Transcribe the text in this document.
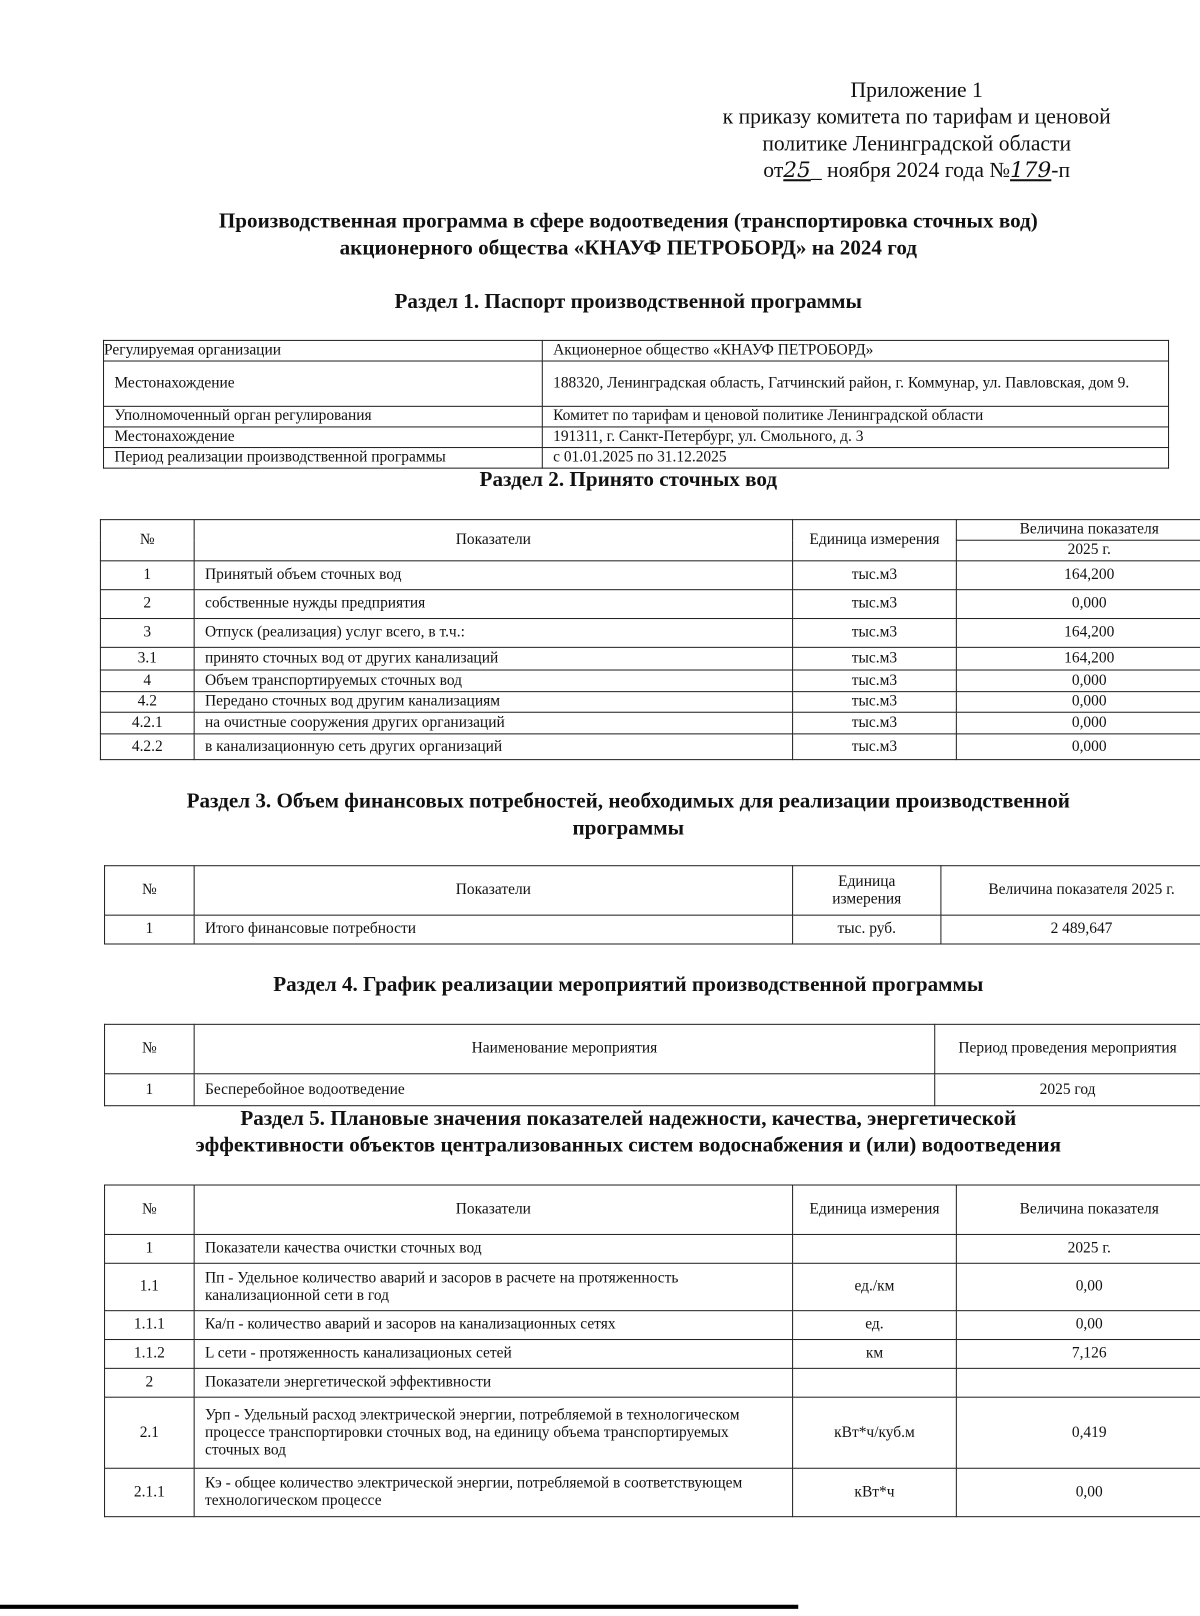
Приложение 1
к приказу комитета по тарифам и ценовой
политике Ленинградской области
от25_ ноября 2024 года №179-п
Производственная программа в сфере водоотведения (транспортировка сточных вод)
акционерного общества «КНАУФ ПЕТРОБОРД» на 2024 год
Раздел 1. Паспорт производственной программы
Регулируемая организации	Акционерное общество «КНАУФ ПЕТРОБОРД»
Местонахождение	188320, Ленинградская область, Гатчинский район, г. Коммунар, ул. Павловская, дом 9.
Уполномоченный орган регулирования	Комитет по тарифам и ценовой политике Ленинградской области
Местонахождение	191311, г. Санкт-Петербург, ул. Смольного, д. 3
Период реализации производственной программы	с 01.01.2025 по 31.12.2025
Раздел 2. Принято сточных вод
№	Показатели	Единица измерения	Величина показателя
			2025 г.
1	Принятый объем сточных вод	тыс.м3	164,200
2	собственные нужды предприятия	тыс.м3	0,000
3	Отпуск (реализация) услуг всего, в т.ч.:	тыс.м3	164,200
3.1	принято сточных вод от других канализаций	тыс.м3	164,200
4	Объем транспортируемых сточных вод	тыс.м3	0,000
4.2	Передано сточных вод другим канализациям	тыс.м3	0,000
4.2.1	на очистные сооружения других организаций	тыс.м3	0,000
4.2.2	в канализационную сеть других организаций	тыс.м3	0,000
Раздел 3. Объем финансовых потребностей, необходимых для реализации производственной
программы
№	Показатели	Единица измерения	Величина показателя 2025 г.
1	Итого финансовые потребности	тыс. руб.	2 489,647
Раздел 4. График реализации мероприятий производственной программы
№	Наименование мероприятия	Период проведения мероприятия
1	Бесперебойное водоотведение	2025 год
Раздел 5. Плановые значения показателей надежности, качества, энергетической
эффективности объектов централизованных систем водоснабжения и (или) водоотведения
№	Показатели	Единица измерения	Величина показателя
1	Показатели качества очистки сточных вод		2025 г.
1.1	Пп - Удельное количество аварий и засоров в расчете на протяженность канализационной сети в год	ед./км	0,00
1.1.1	Ка/п - количество аварий и засоров на канализационных сетях	ед.	0,00
1.1.2	L сети - протяженность канализационых сетей	км	7,126
2	Показатели энергетической эффективности		
2.1	Урп - Удельный расход электрической энергии, потребляемой в технологическом процессе транспортировки сточных вод, на единицу объема транспортируемых сточных вод	кВт*ч/куб.м	0,419
2.1.1	Кэ - общее количество электрической энергии, потребляемой в соответствующем технологическом процессе	кВт*ч	0,00
